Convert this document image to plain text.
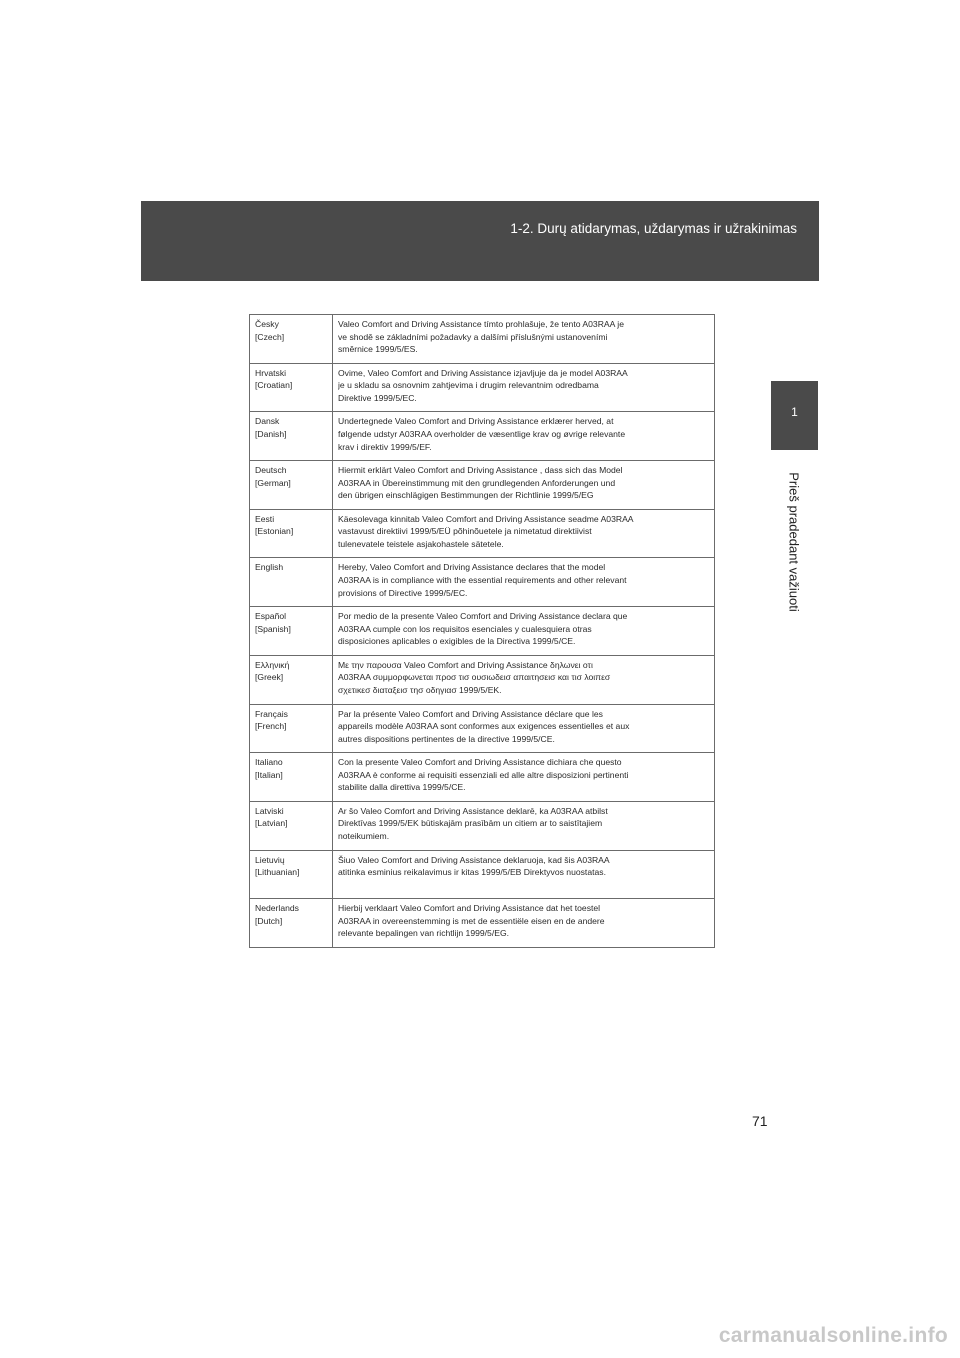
1-2. Durų atidarymas, uždarymas ir užrakinimas
1
Prieš pradedant važiuoti
Česky
[Czech]	Valeo Comfort and Driving Assistance tímto prohlašuje, že tento A03RAA je
ve shodě se základními požadavky a dalšími příslušnými ustanoveními
směrnice 1999/5/ES.

Hrvatski
[Croatian]	Ovime, Valeo Comfort and Driving Assistance izjavljuje da je model A03RAA
je u skladu sa osnovnim zahtjevima i drugim relevantnim odredbama
Direktive 1999/5/EC.

Dansk
[Danish]	Undertegnede Valeo Comfort and Driving Assistance erklærer herved, at
følgende udstyr A03RAA overholder de væsentlige krav og øvrige relevante
krav i direktiv 1999/5/EF.

Deutsch
[German]	Hiermit erklärt Valeo Comfort and Driving Assistance , dass sich das Model
A03RAA in Übereinstimmung mit den grundlegenden Anforderungen und
den übrigen einschlägigen Bestimmungen der Richtlinie 1999/5/EG

Eesti
[Estonian]	Käesolevaga kinnitab Valeo Comfort and Driving Assistance seadme A03RAA
vastavust direktiivi 1999/5/EÜ põhinõuetele ja nimetatud direktiivist
tulenevatele teistele asjakohastele sätetele.

English	Hereby, Valeo Comfort and Driving Assistance declares that the model
A03RAA is in compliance with the essential requirements and other relevant
provisions of Directive 1999/5/EC.

Español
[Spanish]	Por medio de la presente Valeo Comfort and Driving Assistance declara que
A03RAA cumple con los requisitos esenciales y cualesquiera otras
disposiciones aplicables o exigibles de la Directiva 1999/5/CE.

Ελληνική
[Greek]	Με την παρουσα Valeo Comfort and Driving Assistance δηλωνει οτι
A03RAA συμμορφωνεται προσ τισ ουσιωδεισ απαιτησεισ και τισ λοιπεσ
σχετικεσ διαταξεισ τησ οδηγιασ 1999/5/ΕΚ.

Français
[French]	Par la présente Valeo Comfort and Driving Assistance déclare que les
appareils modèle A03RAA sont conformes aux exigences essentielles et aux
autres dispositions pertinentes de la directive 1999/5/CE.

Italiano
[Italian]	Con la presente Valeo Comfort and Driving Assistance dichiara che questo
A03RAA è conforme ai requisiti essenziali ed alle altre disposizioni pertinenti
stabilite dalla direttiva 1999/5/CE.

Latviski
[Latvian]	Ar šo Valeo Comfort and Driving Assistance deklarē, ka A03RAA atbilst
Direktīvas 1999/5/EK būtiskajām prasībām un citiem ar to saistītajiem
noteikumiem.

Lietuvių
[Lithuanian]	Šiuo Valeo Comfort and Driving Assistance deklaruoja, kad šis A03RAA
atitinka esminius reikalavimus ir kitas 1999/5/EB Direktyvos nuostatas.

Nederlands
[Dutch]	Hierbij verklaart Valeo Comfort and Driving Assistance dat het toestel
A03RAA in overeenstemming is met de essentiële eisen en de andere
relevante bepalingen van richtlijn 1999/5/EG.
71
carmanualsonline.info
